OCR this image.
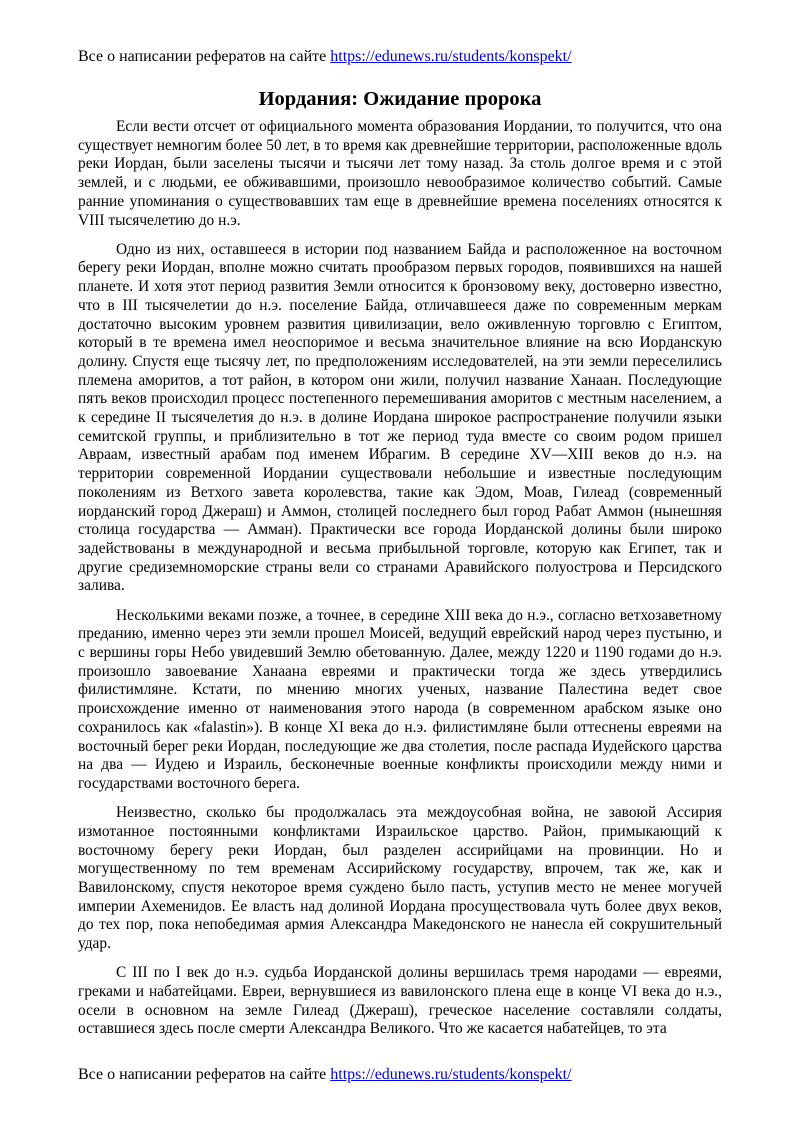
Все о написании рефератов на сайте https://edunews.ru/students/konspekt/
Иордания: Ожидание пророка

Если вести отсчет от официального момента образования Иордании, то получится, что она существует немногим более 50 лет, в то время как древнейшие территории, расположенные вдоль реки Иордан, были заселены тысячи и тысячи лет тому назад. За столь долгое время и с этой землей, и с людьми, ее обживавшими, произошло невообразимое количество событий. Самые ранние упоминания о существовавших там еще в древнейшие времена поселениях относятся к VIII тысячелетию до н.э.

Одно из них, оставшееся в истории под названием Байда и расположенное на восточном берегу реки Иордан, вполне можно считать прообразом первых городов, появившихся на нашей планете. И хотя этот период развития Земли относится к бронзовому веку, достоверно известно, что в III тысячелетии до н.э. поселение Байда, отличавшееся даже по современным меркам достаточно высоким уровнем развития цивилизации, вело оживленную торговлю с Египтом, который в те времена имел неоспоримое и весьма значительное влияние на всю Иорданскую долину. Спустя еще тысячу лет, по предположениям исследователей, на эти земли переселились племена аморитов, а тот район, в котором они жили, получил название Ханаан. Последующие пять веков происходил процесс постепенного перемешивания аморитов с местным населением, а к середине II тысячелетия до н.э. в долине Иордана широкое распространение получили языки семитской группы, и приблизительно в тот же период туда вместе со своим родом пришел Авраам, известный арабам под именем Ибрагим. В середине XV—XIII веков до н.э. на территории современной Иордании существовали небольшие и известные последующим поколениям из Ветхого завета королевства, такие как Эдом, Моав, Гилеад (современный иорданский город Джераш) и Аммон, столицей последнего был город Рабат Аммон (нынешняя столица государства — Амман). Практически все города Иорданской долины были широко задействованы в международной и весьма прибыльной торговле, которую как Египет, так и другие средиземноморские страны вели со странами Аравийского полуострова и Персидского залива.

Несколькими веками позже, а точнее, в середине XIII века до н.э., согласно ветхозаветному преданию, именно через эти земли прошел Моисей, ведущий еврейский народ через пустыню, и с вершины горы Небо увидевший Землю обетованную. Далее, между 1220 и 1190 годами до н.э. произошло завоевание Ханаана евреями и практически тогда же здесь утвердились филистимляне. Кстати, по мнению многих ученых, название Палестина ведет свое происхождение именно от наименования этого народа (в современном арабском языке оно сохранилось как «falastin»). В конце XI века до н.э. филистимляне были оттеснены евреями на восточный берег реки Иордан, последующие же два столетия, после распада Иудейского царства на два — Иудею и Израиль, бесконечные военные конфликты происходили между ними и государствами восточного берега.

Неизвестно, сколько бы продолжалась эта междоусобная война, не завоюй Ассирия измотанное постоянными конфликтами Израильское царство. Район, примыкающий к восточному берегу реки Иордан, был разделен ассирийцами на провинции. Но и могущественному по тем временам Ассирийскому государству, впрочем, так же, как и Вавилонскому, спустя некоторое время суждено было пасть, уступив место не менее могучей империи Ахеменидов. Ее власть над долиной Иордана просуществовала чуть более двух веков, до тех пор, пока непобедимая армия Александра Македонского не нанесла ей сокрушительный удар.

С III по I век до н.э. судьба Иорданской долины вершилась тремя народами — евреями, греками и набатейцами. Евреи, вернувшиеся из вавилонского плена еще в конце VI века до н.э., осели в основном на земле Гилеад (Джераш), греческое население составляли солдаты, оставшиеся здесь после смерти Александра Великого. Что же касается набатейцев, то эта

Все о написании рефератов на сайте https://edunews.ru/students/konspekt/
